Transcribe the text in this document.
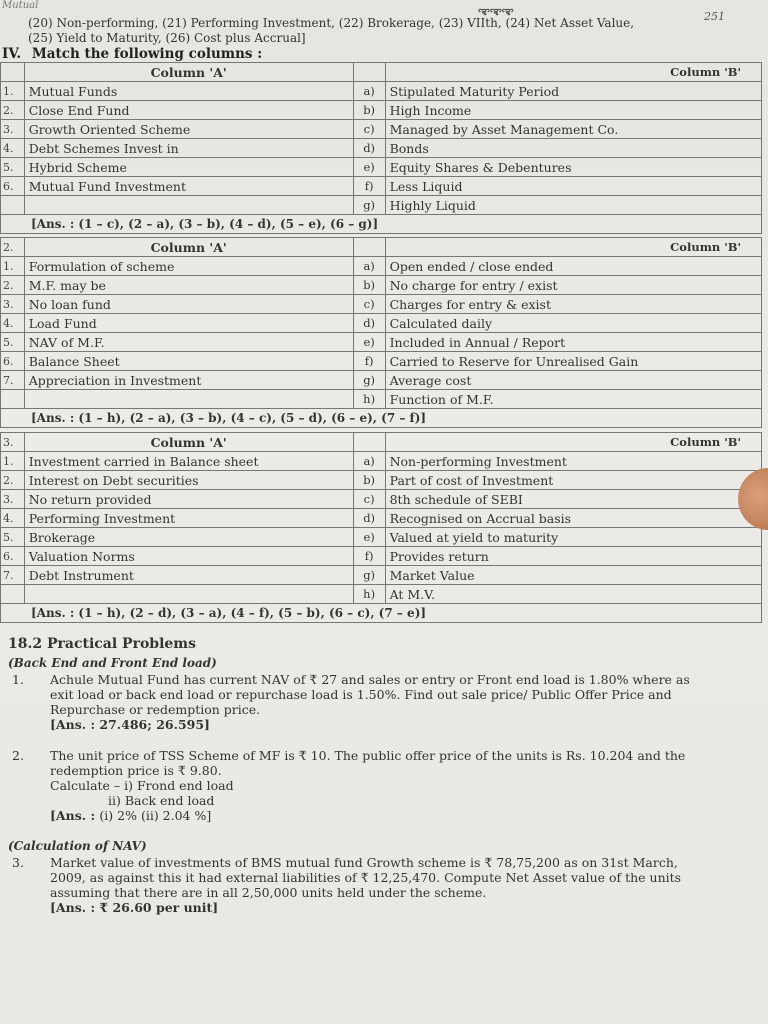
Mutual	ಞಞಞ	251
(20) Non-performing, (21) Performing Investment, (22) Brokerage, (23) VIIth, (24) Net Asset Value,
(25) Yield to Maturity, (26) Cost plus Accrual]
IV. Match the following columns :
	Column 'A'		Column 'B'
1.	Mutual Funds	a)	Stipulated Maturity Period
2.	Close End Fund	b)	High Income
3.	Growth Oriented Scheme	c)	Managed by Asset Management Co.
4.	Debt Schemes Invest in	d)	Bonds
5.	Hybrid Scheme	e)	Equity Shares & Debentures
6.	Mutual Fund Investment	f)	Less Liquid
		g)	Highly Liquid
[Ans. : (1 – c), (2 – a), (3 – b), (4 – d), (5 – e), (6 – g)]			
2.	Column 'A'		Column 'B'
1.	Formulation of scheme	a)	Open ended / close ended
2.	M.F. may be	b)	No charge for entry / exist
3.	No loan fund	c)	Charges for entry & exist
4.	Load Fund	d)	Calculated daily
5.	NAV of M.F.	e)	Included in Annual / Report
6.	Balance Sheet	f)	Carried to Reserve for Unrealised Gain
7.	Appreciation in Investment	g)	Average cost
		h)	Function of M.F.
[Ans. : (1 – h), (2 – a), (3 – b), (4 – c), (5 – d), (6 – e), (7 – f)]			
3.	Column 'A'		Column 'B'
1.	Investment carried in Balance sheet	a)	Non-performing Investment
2.	Interest on Debt securities	b)	Part of cost of Investment
3.	No return provided	c)	8th schedule of SEBI
4.	Performing Investment	d)	Recognised on Accrual basis
5.	Brokerage	e)	Valued at yield to maturity
6.	Valuation Norms	f)	Provides return
7.	Debt Instrument	g)	Market Value
		h)	At M.V.
[Ans. : (1 – h), (2 – d), (3 – a), (4 – f), (5 – b), (6 – c), (7 – e)]			
18.2 Practical Problems
(Back End and Front End load)
1.	Achule Mutual Fund has current NAV of ₹ 27 and sales or entry or Front end load is 1.80% where as
exit load or back end load or repurchase load is 1.50%. Find out sale price/ Public Offer Price and
Repurchase or redemption price.
[Ans. : 27.486; 26.595]
2.	The unit price of TSS Scheme of MF is ₹ 10. The public offer price of the units is Rs. 10.204 and the
redemption price is ₹ 9.80.
Calculate – i) Frond end load
ii) Back end load
[Ans. : (i) 2% (ii) 2.04 %]
(Calculation of NAV)
3.	Market value of investments of BMS mutual fund Growth scheme is ₹ 78,75,200 as on 31st March,
2009, as against this it had external liabilities of ₹ 12,25,470. Compute Net Asset value of the units
assuming that there are in all 2,50,000 units held under the scheme.
[Ans. : ₹ 26.60 per unit]
